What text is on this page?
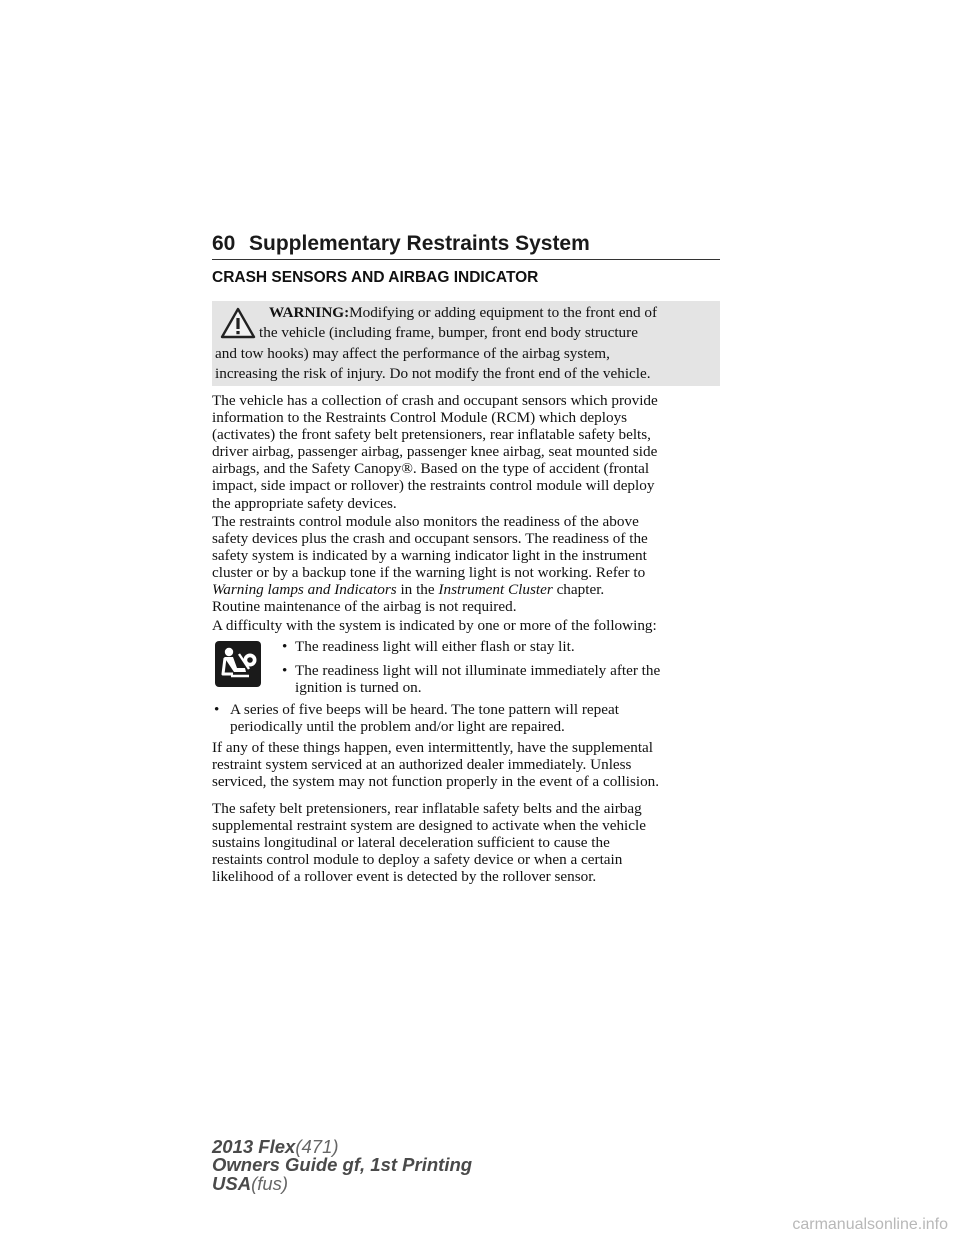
60 Supplementary Restraints System
CRASH SENSORS AND AIRBAG INDICATOR
WARNING:Modifying or adding equipment to the front end of
the vehicle (including frame, bumper, front end body structure
and tow hooks) may affect the performance of the airbag system,
increasing the risk of injury. Do not modify the front end of the vehicle.
The vehicle has a collection of crash and occupant sensors which provide
information to the Restraints Control Module (RCM) which deploys
(activates) the front safety belt pretensioners, rear inflatable safety belts,
driver airbag, passenger airbag, passenger knee airbag, seat mounted side
airbags, and the Safety Canopy®. Based on the type of accident (frontal
impact, side impact or rollover) the restraints control module will deploy
the appropriate safety devices.
The restraints control module also monitors the readiness of the above
safety devices plus the crash and occupant sensors. The readiness of the
safety system is indicated by a warning indicator light in the instrument
cluster or by a backup tone if the warning light is not working. Refer to
Warning lamps and Indicators in the Instrument Cluster chapter.
Routine maintenance of the airbag is not required.
A difficulty with the system is indicated by one or more of the following:
• The readiness light will either flash or stay lit.
• The readiness light will not illuminate immediately after the
ignition is turned on.
• A series of five beeps will be heard. The tone pattern will repeat
periodically until the problem and/or light are repaired.
If any of these things happen, even intermittently, have the supplemental
restraint system serviced at an authorized dealer immediately. Unless
serviced, the system may not function properly in the event of a collision.
The safety belt pretensioners, rear inflatable safety belts and the airbag
supplemental restraint system are designed to activate when the vehicle
sustains longitudinal or lateral deceleration sufficient to cause the
restaints control module to deploy a safety device or when a certain
likelihood of a rollover event is detected by the rollover sensor.
2013 Flex(471)
Owners Guide gf, 1st Printing
USA(fus)
carmanualsonline.info
